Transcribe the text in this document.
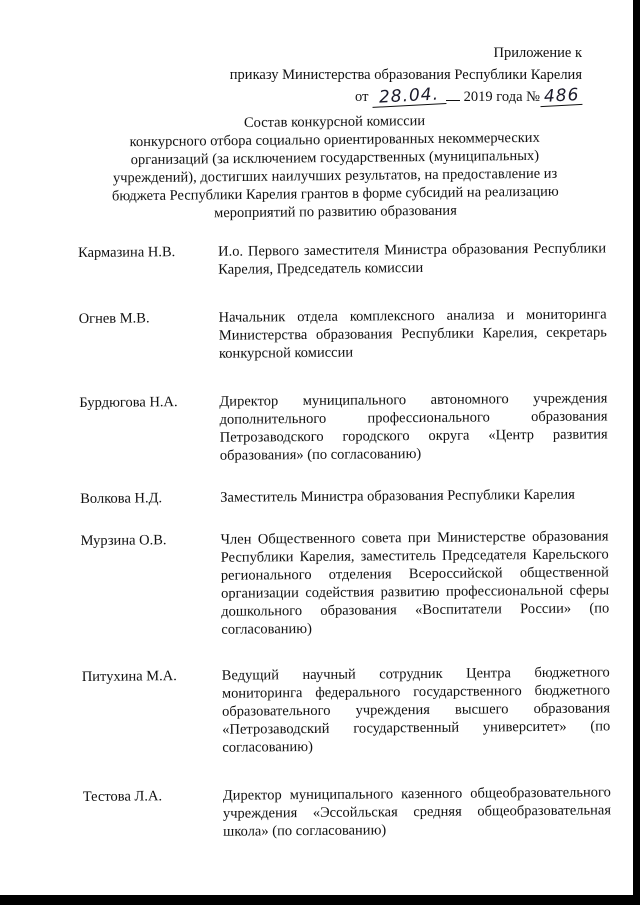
Приложение к
приказу Министерства образования Республики Карелия
от 28.04. 2019 года № 486
Состав конкурсной комиссии
конкурсного отбора социально ориентированных некоммерческих
организаций (за исключением государственных (муниципальных)
учреждений), достигших наилучших результатов, на предоставление из
бюджета Республики Карелия грантов в форме субсидий на реализацию
мероприятий по развитию образования
Кармазина Н.В.	И.о. Первого заместителя Министра образования Республики Карелия, Председатель комиссии
Огнев М.В.	Начальник отдела комплексного анализа и мониторинга Министерства образования Республики Карелия, секретарь конкурсной комиссии
Бурдюгова Н.А.	Директор муниципального автономного учреждения дополнительного профессионального образования Петрозаводского городского округа «Центр развития образования» (по согласованию)
Волкова Н.Д.	Заместитель Министра образования Республики Карелия
Мурзина О.В.	Член Общественного совета при Министерстве образования Республики Карелия, заместитель Председателя Карельского регионального отделения Всероссийской общественной организации содействия развитию профессиональной сферы дошкольного образования «Воспитатели России» (по согласованию)
Питухина М.А.	Ведущий научный сотрудник Центра бюджетного мониторинга федерального государственного бюджетного образовательного учреждения высшего образования «Петрозаводский государственный университет» (по согласованию)
Тестова Л.А.	Директор муниципального казенного общеобразовательного учреждения «Эссойльская средняя общеобразовательная школа» (по согласованию)
